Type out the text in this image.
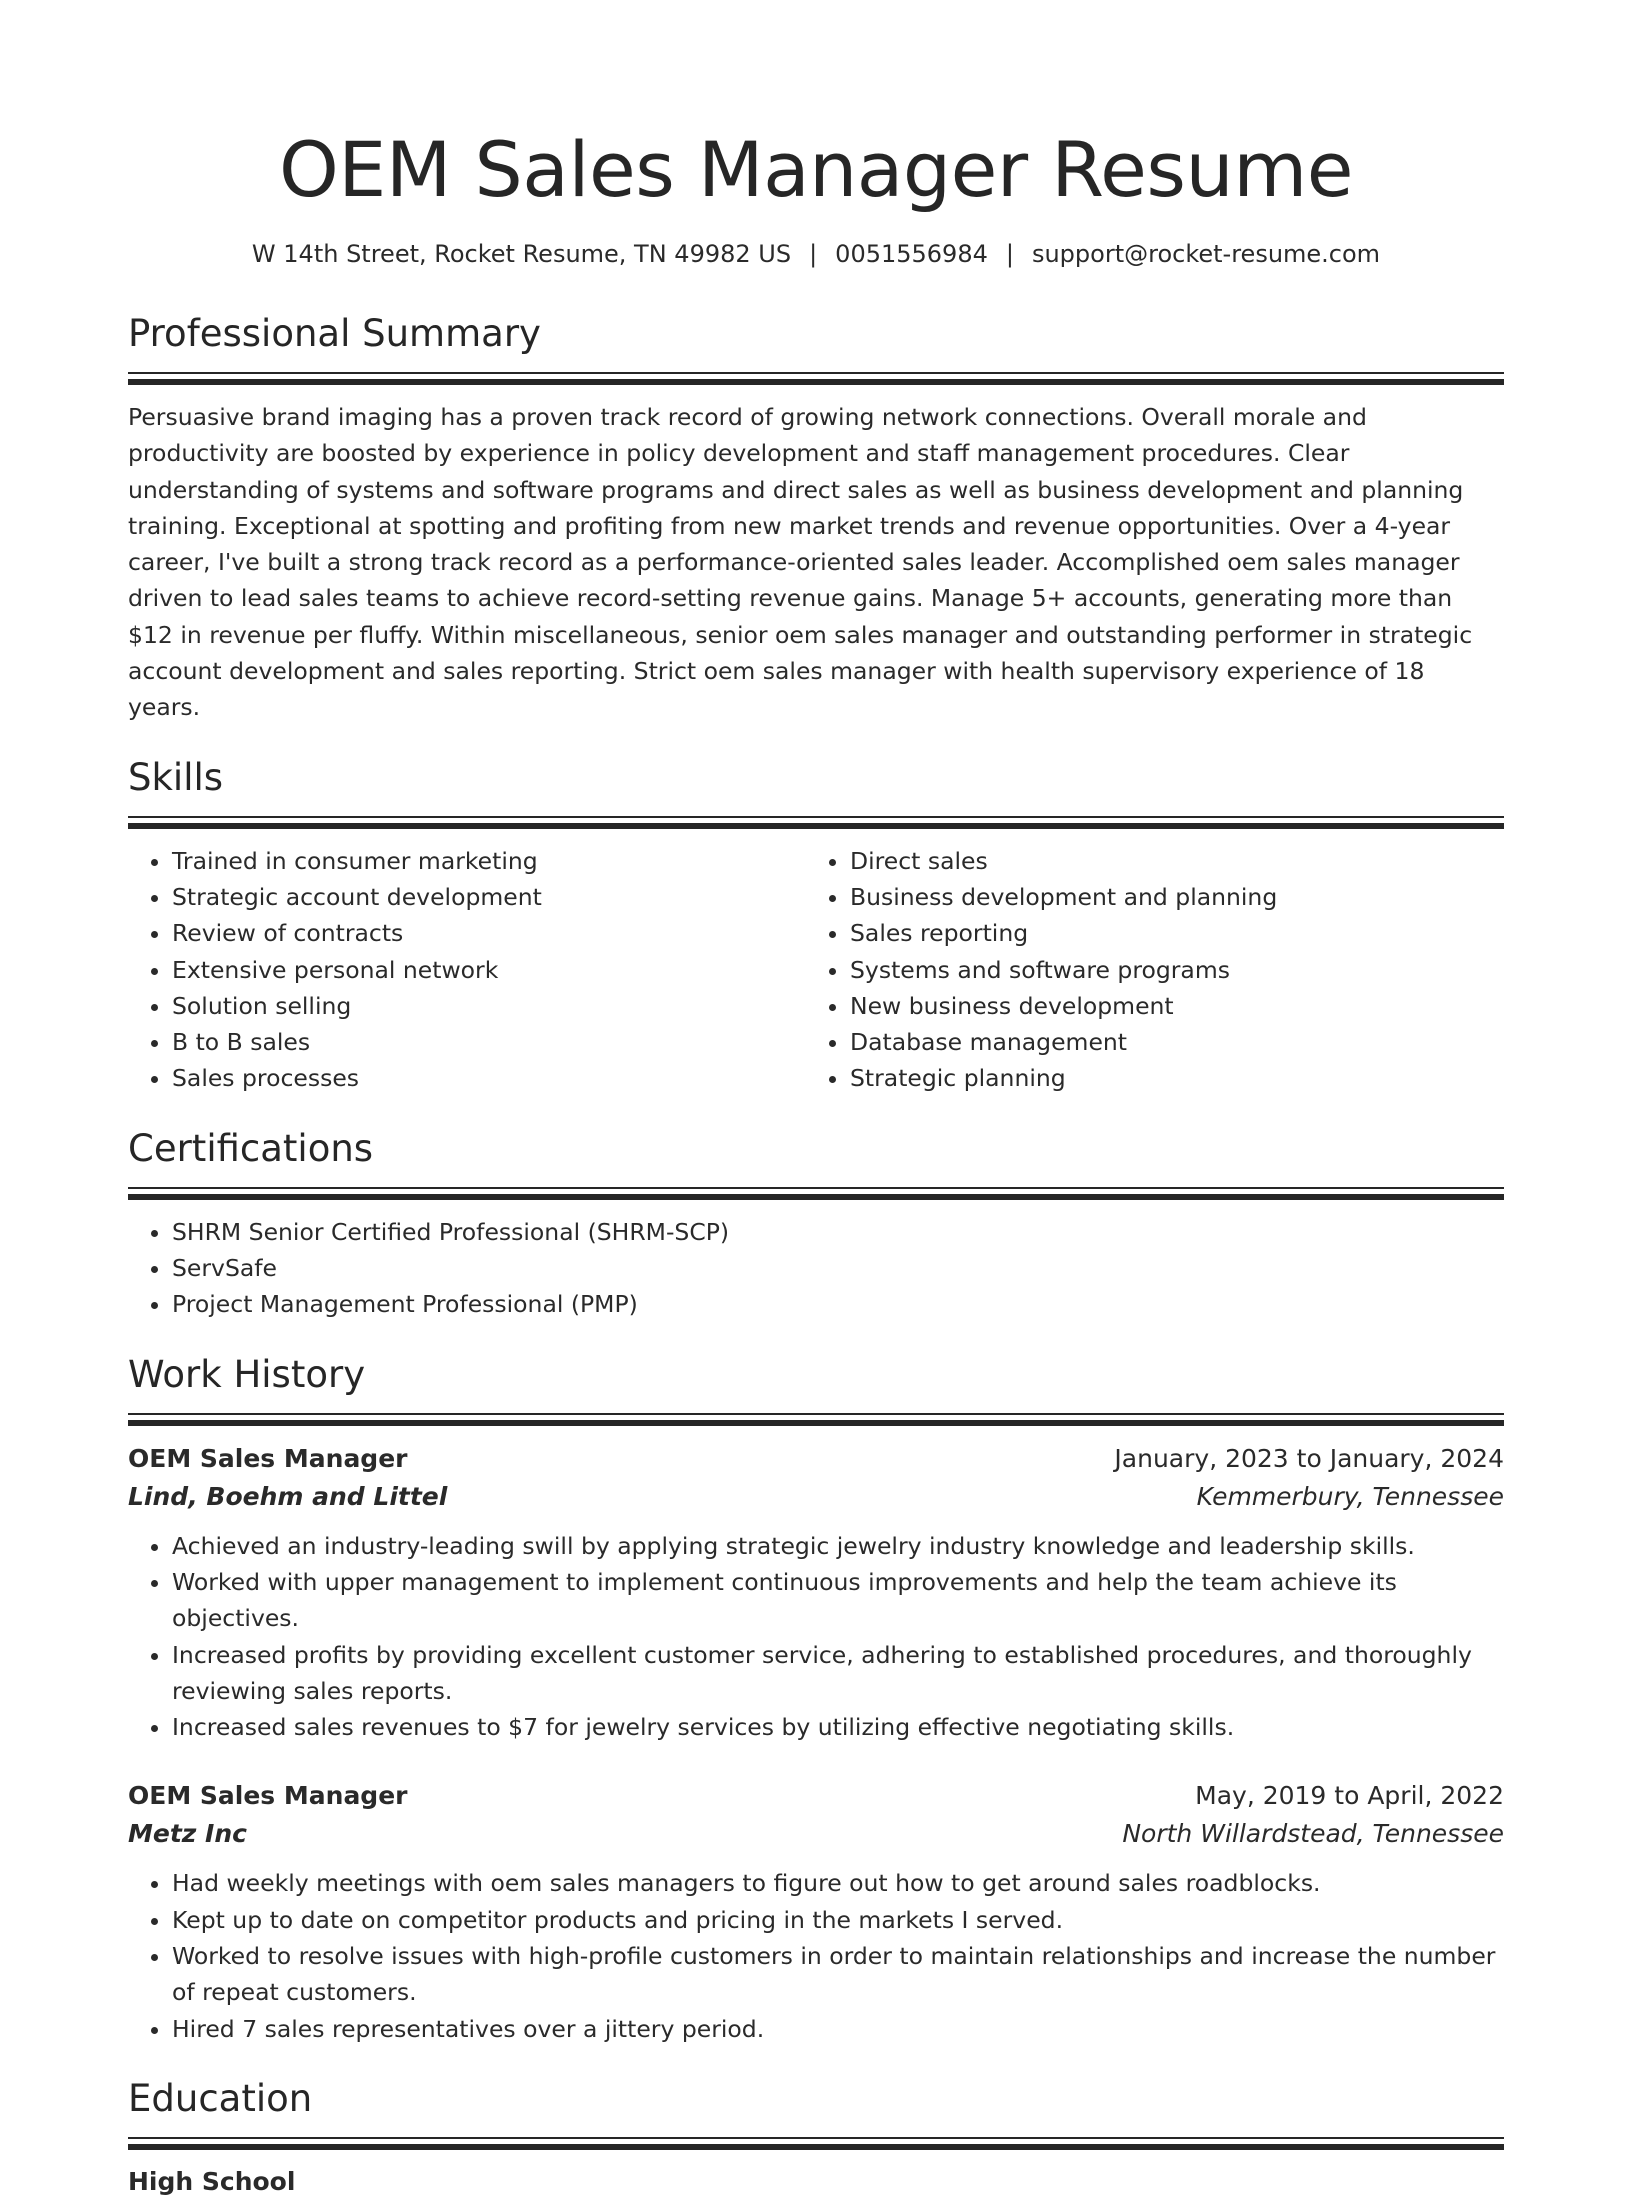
OEM Sales Manager Resume
W 14th Street, Rocket Resume, TN 49982 US | 0051556984 | support@rocket-resume.com
Professional Summary
Persuasive brand imaging has a proven track record of growing network connections. Overall morale and productivity are boosted by experience in policy development and staff management procedures. Clear understanding of systems and software programs and direct sales as well as business development and planning training. Exceptional at spotting and profiting from new market trends and revenue opportunities. Over a 4-year career, I've built a strong track record as a performance-oriented sales leader. Accomplished oem sales manager driven to lead sales teams to achieve record-setting revenue gains. Manage 5+ accounts, generating more than $12 in revenue per fluffy. Within miscellaneous, senior oem sales manager and outstanding performer in strategic account development and sales reporting. Strict oem sales manager with health supervisory experience of 18 years.
Skills
• Trained in consumer marketing
• Strategic account development
• Review of contracts
• Extensive personal network
• Solution selling
• B to B sales
• Sales processes
• Direct sales
• Business development and planning
• Sales reporting
• Systems and software programs
• New business development
• Database management
• Strategic planning
Certifications
• SHRM Senior Certified Professional (SHRM-SCP)
• ServSafe
• Project Management Professional (PMP)
Work History
OEM Sales Manager	January, 2023 to January, 2024
Lind, Boehm and Littel	Kemmerbury, Tennessee
• Achieved an industry-leading swill by applying strategic jewelry industry knowledge and leadership skills.
• Worked with upper management to implement continuous improvements and help the team achieve its objectives.
• Increased profits by providing excellent customer service, adhering to established procedures, and thoroughly reviewing sales reports.
• Increased sales revenues to $7 for jewelry services by utilizing effective negotiating skills.
OEM Sales Manager	May, 2019 to April, 2022
Metz Inc	North Willardstead, Tennessee
• Had weekly meetings with oem sales managers to figure out how to get around sales roadblocks.
• Kept up to date on competitor products and pricing in the markets I served.
• Worked to resolve issues with high-profile customers in order to maintain relationships and increase the number of repeat customers.
• Hired 7 sales representatives over a jittery period.
Education
High School
